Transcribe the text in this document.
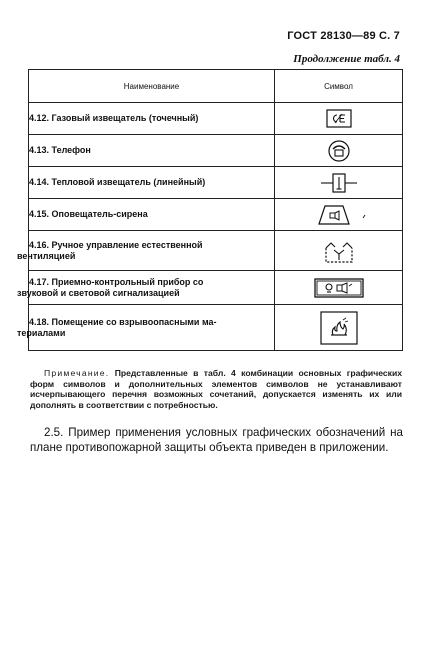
ГОСТ 28130—89 С. 7
Продолжение табл. 4
Наименование	Символ
4.12. Газовый извещатель (точечный)	

4.13. Телефон	

4.14. Тепловой извещатель (линейный)	

4.15. Оповещатель-сирена	

4.16. Ручное управление естественной
вентиляцией

4.17. Приемно-контрольный прибор со
звуковой и световой сигнализацией

4.18. Помещение со взрывоопасными ма-
териалами

Примечание. Представленные в табл. 4 комбинации основных графических форм символов и дополнительных элементов символов не устанавливают исчерпывающего перечня возможных сочетаний, допускается изменять их или дополнять в соответствии с потребностью.
2.5. Пример применения условных графических обозначений на плане противопожарной защиты объекта приведен в приложении.
